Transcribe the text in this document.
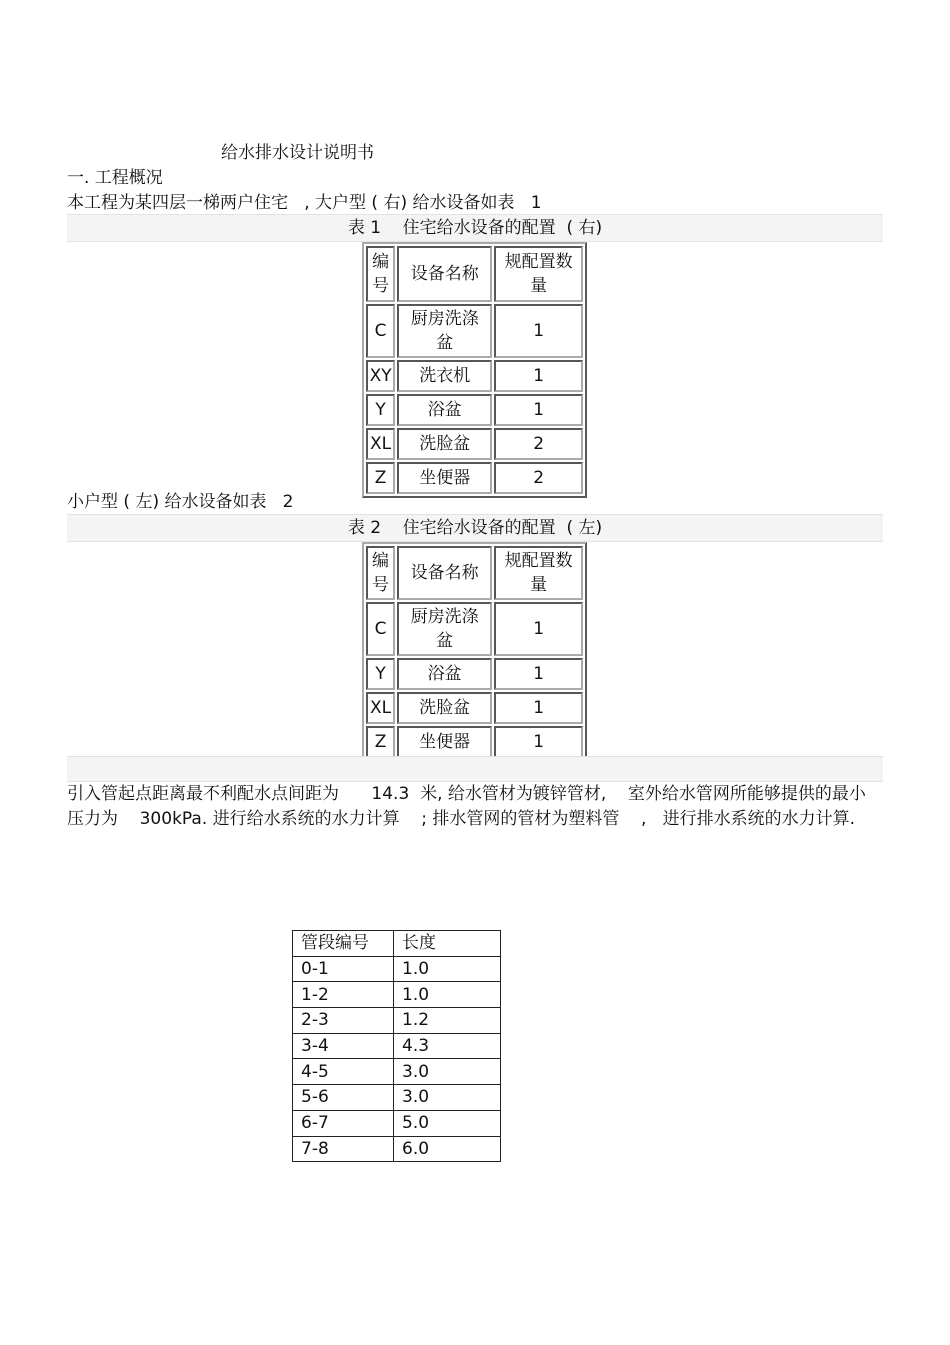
给水排水设计说明书
一. 工程概况
本工程为某四层一梯两户住宅   , 大户型 ( 右) 给水设备如表   1
表 1    住宅给水设备的配置  ( 右)
编号	设备名称	规配置数量

C	厨房洗涤盆	1
XY	洗衣机	1
Y	浴盆	1
XL	洗脸盆	2
Z	坐便器	2
小户型 ( 左) 给水设备如表   2
表 2    住宅给水设备的配置  ( 左)
编号	设备名称	规配置数量

C	厨房洗涤盆	1
Y	浴盆	1
XL	洗脸盆	1
Z	坐便器	1
引入管起点距离最不利配水点间距为      14.3  米, 给水管材为镀锌管材,    室外给水管网所能够提供的最小压力为    300kPa. 进行给水系统的水力计算    ; 排水管网的管材为塑料管    ,   进行排水系统的水力计算.
管段编号	长度
0-1	1.0
1-2	1.0
2-3	1.2
3-4	4.3
4-5	3.0
5-6	3.0
6-7	5.0
7-8	6.0
